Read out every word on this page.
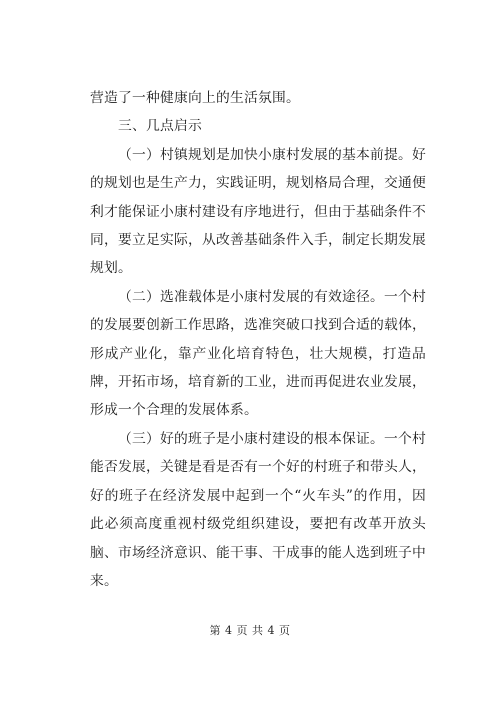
营造了一种健康向上的生活氛围。

三、几点启示

（一）村镇规划是加快小康村发展的基本前提。好的规划也是生产力，实践证明，规划格局合理，交通便利才能保证小康村建设有序地进行，但由于基础条件不同，要立足实际，从改善基础条件入手，制定长期发展规划。

（二）选准载体是小康村发展的有效途径。一个村的发展要创新工作思路，选准突破口找到合适的载体，形成产业化，靠产业化培育特色，壮大规模，打造品牌，开拓市场，培育新的工业，进而再促进农业发展，形成一个合理的发展体系。

（三）好的班子是小康村建设的根本保证。一个村能否发展，关键是看是否有一个好的村班子和带头人，好的班子在经济发展中起到一个“火车头”的作用，因此必须高度重视村级党组织建设，要把有改革开放头脑、市场经济意识、能干事、干成事的能人选到班子中来。

第 4 页 共 4 页
